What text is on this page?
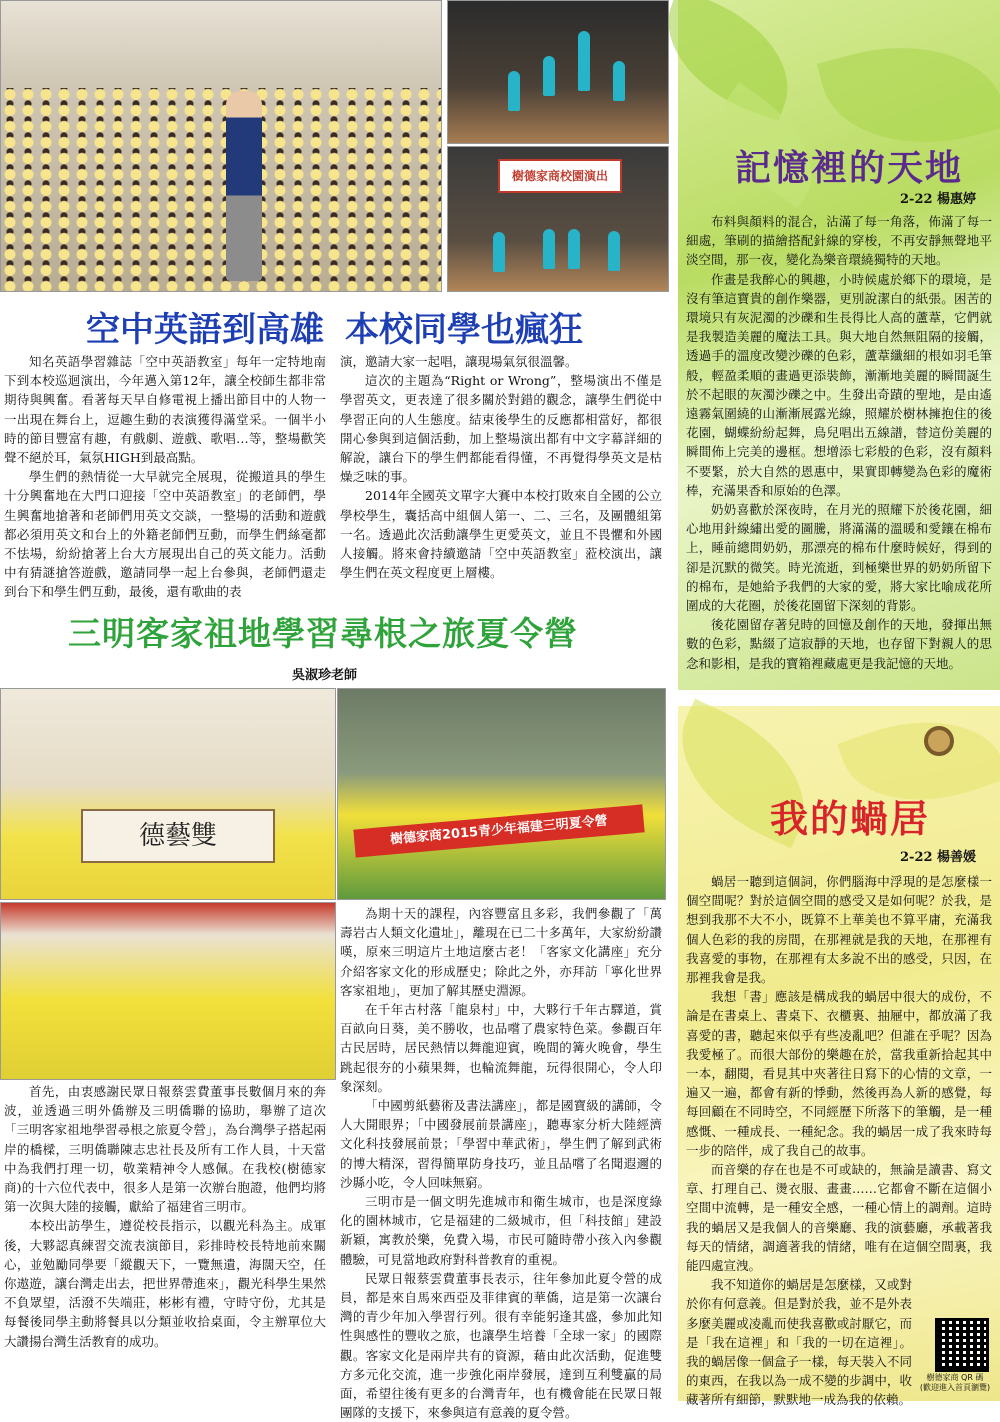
樹德家商校園演出
空中英語到高雄 本校同學也瘋狂

知名英語學習雜誌「空中英語教室」每年一定特地南下到本校巡迴演出，今年邁入第12年，讓全校師生都非常期待與興奮。看著每天早自修電視上播出節目中的人物一一出現在舞台上，逗趣生動的表演獲得滿堂采。一個半小時的節目豐富有趣，有戲劇、遊戲、歌唱…等，整場歡笑聲不絕於耳，氣氛HIGH到最高點。

學生們的熱情從一大早就完全展現，從搬道具的學生十分興奮地在大門口迎接「空中英語教室」的老師們，學生興奮地搶著和老師們用英文交談，一整場的活動和遊戲都必須用英文和台上的外籍老師們互動，而學生們絲毫都不怯場，紛紛搶著上台大方展現出自己的英文能力。活動中有猜謎搶答遊戲，邀請同學一起上台參與，老師們還走到台下和學生們互動，最後，還有歌曲的表

演，邀請大家一起唱，讓現場氣氛很溫馨。

這次的主題為“Right or Wrong”，整場演出不僅是學習英文，更表達了很多關於對錯的觀念，讓學生們從中學習正向的人生態度。結束後學生的反應都相當好，都很開心參與到這個活動，加上整場演出都有中文字幕詳細的解說，讓台下的學生們都能看得懂，不再覺得學英文是枯燥乏味的事。

2014年全國英文單字大賽中本校打敗來自全國的公立學校學生，囊括高中組個人第一、二、三名，及團體組第一名。透過此次活動讓學生更愛英文，並且不畏懼和外國人接觸。將來會持續邀請「空中英語教室」蒞校演出，讓學生們在英文程度更上層樓。

三明客家祖地學習尋根之旅夏令營
吳淑珍老師
德藝雙	樹德家商2015青少年福建三明夏令營

首先，由衷感謝民眾日報蔡雲費董事長數個月來的奔波，並透過三明外僑辦及三明僑聯的協助，舉辦了這次「三明客家祖地學習尋根之旅夏令營」，為台灣學子搭起兩岸的橋樑，三明僑聯陳志忠社長及所有工作人員，十天當中為我們打理一切，敬業精神令人感佩。在我校(樹德家商)的十六位代表中，很多人是第一次辦台胞證，他們均將第一次與大陸的接觸，獻給了福建省三明市。

本校出訪學生，遵從校長指示，以觀光科為主。成軍後，大夥認真練習交流表演節目，彩排時校長特地前來關心，並勉勵同學要「縱觀天下，一覽無遺，海闊天空，任你遨遊，讓台灣走出去，把世界帶進來」，觀光科學生果然不負眾望，活潑不失端莊，彬彬有禮，守時守份，尤其是每餐後同學主動將餐具以分類並收拾桌面，令主辦單位大大讚揚台灣生活教育的成功。

為期十天的課程，內容豐富且多彩，我們參觀了「萬壽岩古人類文化遺址」，離現在已二十多萬年，大家紛紛讚嘆，原來三明這片土地這麼古老！「客家文化講座」充分介紹客家文化的形成歷史；除此之外，亦拜訪「寧化世界客家祖地」，更加了解其歷史淵源。

在千年古村落「龍泉村」中，大夥行千年古驛道，賞百畝向日葵，美不勝收，也品嚐了農家特色菜。參觀百年古民居時，居民熱情以舞龍迎賓，晚間的篝火晚會，學生跳起很夯的小蘋果舞，也輪流舞龍，玩得很開心，令人印象深刻。

「中國剪紙藝術及書法講座」，都是國寶級的講師，令人大開眼界；「中國發展前景講座」，聽專家分析大陸經濟文化科技發展前景；「學習中華武術」，學生們了解到武術的博大精深，習得簡單防身技巧，並且品嚐了名聞遐邇的沙縣小吃，令人回味無窮。

三明市是一個文明先進城市和衛生城市，也是深度綠化的園林城市，它是福建的二級城市，但「科技館」建設新穎，寓教於樂，免費入場，市民可隨時帶小孩入內參觀體驗，可見當地政府對科普教育的重視。

民眾日報蔡雲費董事長表示，往年參加此夏令營的成員，都是來自馬來西亞及菲律賓的華僑，這是第一次讓台灣的青少年加入學習行列。很有幸能躬逢其盛，參加此知性與感性的豐收之旅，也讓學生培養「全球一家」的國際觀。客家文化是兩岸共有的資源，藉由此次活動，促進雙方多元化交流，進一步強化兩岸發展，達到互利雙贏的局面，希望往後有更多的台灣青年，也有機會能在民眾日報團隊的支援下，來參與這有意義的夏令營。

記憶裡的天地
2-22 楊惠婷

布料與顏料的混合，沾滿了每一角落，佈滿了每一細處，筆刷的描繪搭配針線的穿梭，不再安靜無聲地平淡空間，那一夜，變化為樂音環繞獨特的天地。

作畫是我醉心的興趣，小時候處於鄉下的環境，是沒有筆這寶貴的創作樂器，更別說潔白的紙張。困苦的環境只有灰泥濁的沙礫和生長得比人高的蘆葦，它們就是我製造美麗的魔法工具。與大地自然無阻隔的接觸，透過手的溫度改變沙礫的色彩，蘆葦纖細的根如羽毛筆般，輕盈柔順的畫過更添裝飾，漸漸地美麗的瞬間誕生於不起眼的灰濁沙礫之中。生發出奇蹟的聖地，是由遙遠霧氣圍繞的山漸漸展露光線，照耀於樹林擁抱住的後花園，蝴蝶紛紛起舞，鳥兒唱出五線譜，替這份美麗的瞬間佈上完美的邊框。想增添七彩般的色彩，沒有顏料不要緊，於大自然的恩惠中，果實即轉變為色彩的魔術棒，充滿果香和原始的色澤。

奶奶喜歡於深夜時，在月光的照耀下於後花園，細心地用針線繡出愛的圖騰，將滿滿的溫暖和愛鑲在棉布上，睡前總問奶奶，那漂亮的棉布什麼時候好，得到的卻是沉默的微笑。時光流逝，到極樂世界的奶奶所留下的棉布，是她給予我們的大家的愛，將大家比喻成花所圍成的大花圈，於後花園留下深刻的背影。

後花園留存著兒時的回憶及創作的天地，發揮出無數的色彩，點綴了這寂靜的天地，也存留下對親人的思念和影相，是我的寶箱裡藏處更是我記憶的天地。

我的蝸居
2-22 楊善媛

蝸居一聽到這個詞，你們腦海中浮現的是怎麼樣一個空間呢？對於這個空間的感受又是如何呢？於我，是想到我那不大不小，既算不上華美也不算平庸，充滿我個人色彩的我的房間，在那裡就是我的天地，在那裡有我喜愛的事物，在那裡有太多說不出的感受，只因，在那裡我會是我。

我想「書」應該是構成我的蝸居中很大的成份，不論是在書桌上、書桌下、衣櫃裏、抽屜中，都放滿了我喜愛的書，聽起來似乎有些凌亂吧？但誰在乎呢？因為我愛極了。而很大部份的樂趣在於，當我重新拾起其中一本，翻閱，看見其中夾著往日寫下的心情的文章，一遍又一遍，都會有新的悸動，然後再為人新的感覺，每每回顧在不同時空，不同經歷下所落下的筆觸，是一種感慨、一種成長、一種紀念。我的蝸居一成了我來時每一步的陪伴，成了我自己的故事。

而音樂的存在也是不可或缺的，無論是讀書、寫文章、打理自己、燙衣服、畫畫……它都會不斷在這個小空間中流轉，是一種安全感，一種心情上的調劑。這時我的蝸居又是我個人的音樂廳、我的演藝廳，承載著我每天的情緒，調適著我的情緒，唯有在這個空間裏，我能四處宣洩。

我不知道你的蝸居是怎麼樣，又或對於你有何意義。但是對於我，並不是外表多麼美麗或凌亂而使我喜歡或討厭它，而是「我在這裡」和「我的一切在這裡」。我的蝸居像一個盒子一樣，每天裝入不同的東西，在我以為一成不變的步調中，收藏著所有細節，默默地一成為我的依賴。

樹德家商 QR 碼
(歡迎進入首頁瀏覽)
